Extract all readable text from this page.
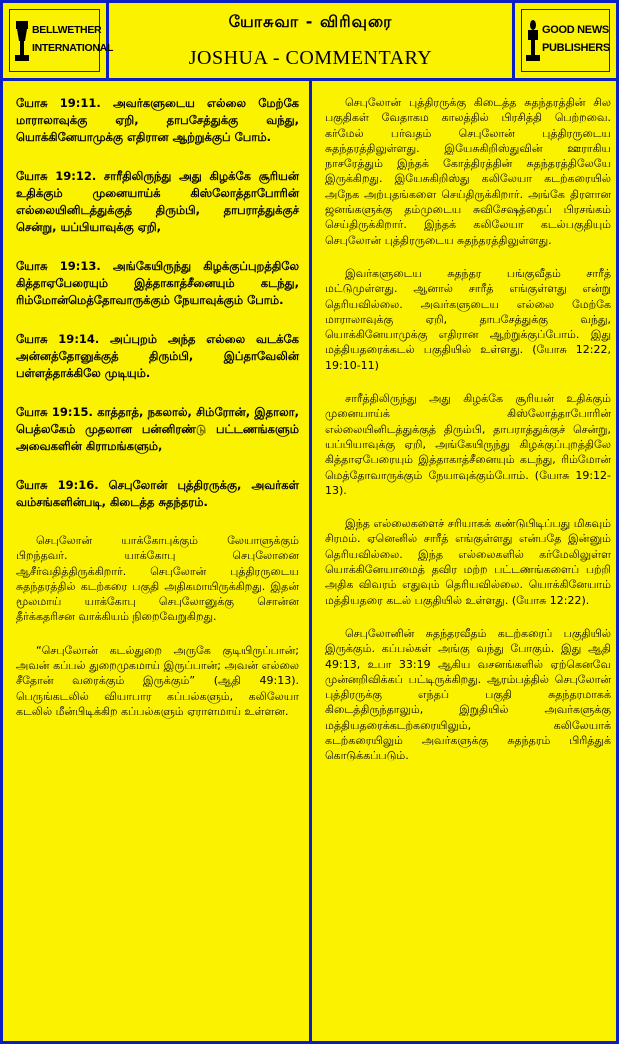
BELLWETHER
INTERNATIONAL
யோசுவா - விரிவுரை
JOSHUA - COMMENTARY
GOOD NEWS
PUBLISHERS

யோசு 19:11. அவர்களுடைய எல்லை மேற்கே மாராலாவுக்கு ஏறி, தாபசேத்துக்கு வந்து, யொக்கினேயாமுக்கு எதிரான ஆற்றுக்குப் போம்.

யோசு 19:12. சாரீதிலிருந்து அது கிழக்கே சூரியன் உதிக்கும் முனையாய்க் கிஸ்லோத்தாபோரின் எல்லையினிடத்துக்குத் திரும்பி, தாபராத்துக்குச் சென்று, யப்பியாவுக்கு ஏறி,

யோசு 19:13. அங்கேயிருந்து கிழக்குப்புறத்திலே கித்தாஏபேரையும் இத்தாகாத்சீனையும் கடந்து, ரிம்மோன்மெத்தோவாருக்கும் நேயாவுக்கும் போம்.

யோசு 19:14. அப்புறம் அந்த எல்லை வடக்கே அன்னத்தோனுக்குத் திரும்பி, இப்தாவேலின் பள்ளத்தாக்கிலே முடியும்.

யோசு 19:15. காத்தாத், நகலால், சிம்ரோன், இதாலா, பெத்லகேம் முதலான பன்னிரண்டு பட்டணங்களும் அவைகளின் கிராமங்களும்,

யோசு 19:16. செபுலோன் புத்திரருக்கு, அவர்கள் வம்சங்களின்படி, கிடைத்த சுதந்தரம்.

செபுலோன் யாக்கோபுக்கும் லேயாளுக்கும் பிறந்தவர். யாக்கோபு செபுலோனை ஆசீர்வதித்திருக்கிறார். செபுலோன் புத்திரருடைய சுதந்தரத்தில் கடற்கரை பகுதி அதிகமாயிருக்கிறது. இதன் மூலமாய் யாக்கோபு செபுலோனுக்கு சொன்ன தீர்க்கதரிசன வாக்கியம் நிறைவேறுகிறது.

“செபுலோன் கடல்துறை அருகே குடியிருப்பான்; அவன் கப்பல் துறைமுகமாய் இருப்பான்; அவன் எல்லை சீதோன் வரைக்கும் இருக்கும்” (ஆதி 49:13). பெருங்கடலில் வியாபார கப்பல்களும், கலிலேயா கடலில் மீன்பிடிக்கிற கப்பல்களும் ஏராளமாய் உள்ளன.

செபுலோன் புத்திரருக்கு கிடைத்த சுதந்தரத்தின் சில பகுதிகள் வேதாகம காலத்தில் பிரசித்தி பெற்றவை. கர்மேல் பர்வதம் செபுலோன் புத்திரருடைய சுதந்தரத்திலுள்ளது. இயேசுகிறிஸ்துவின் ஊராகிய நாசரேத்தும் இந்தக் கோத்திரத்தின் சுதந்தரத்திலேயே இருக்கிறது. இயேசுகிறிஸ்து கலிலேயா கடற்கரையில் அநேக அற்புதங்களை செய்திருக்கிறார். அங்கே திரளான ஜனங்களுக்கு தம்முடைய சுவிசேஷத்தைப் பிரசங்கம் செய்திருக்கிறார். இந்தக் கலிலேயா கடல்பகுதியும் செபுலோன் புத்திரருடைய சுதந்தரத்திலுள்ளது.

இவர்களுடைய சுதந்தர பங்குவீதம் சாரீத் மட்டுமுள்ளது. ஆனால் சாரீத் எங்குள்ளது என்று தெரியவில்லை. அவர்களுடைய எல்லை மேற்கே மாராலாவுக்கு ஏறி, தாபசேத்துக்கு வந்து, யொக்கினேயாமுக்கு எதிரான ஆற்றுக்குப்போம். இது மத்தியதரைக்கடல் பகுதியில் உள்ளது. (யோசு 12:22, 19:10-11)

சாரீத்திலிருந்து அது கிழக்கே சூரியன் உதிக்கும் முனையாய்க் கிஸ்லோத்தாபோரின் எல்லையினிடத்துக்குத் திரும்பி, தாபராத்துக்குச் சென்று, யப்பியாவுக்கு ஏறி, அங்கேயிருந்து கிழக்குப்புறத்திலே கித்தாஏபேரையும் இத்தாகாத்சீனையும் கடந்து, ரிம்மோன் மெத்தோவாருக்கும் நேயாவுக்கும்போம். (யோசு 19:12-13).

இந்த எல்லைகளைச் சரியாகக் கண்டுபிடிப்பது மிகவும் சிரமம். ஏனெனில் சாரீத் எங்குள்ளது என்பதே இன்னும் தெரியவில்லை. இந்த எல்லைகளில் கர்மேலிலுள்ள யொக்கினேயாமைத் தவிர மற்ற பட்டணங்களைப் பற்றி அதிக விவரம் எதுவும் தெரியவில்லை. யொக்கினேயாம் மத்தியதரை கடல் பகுதியில் உள்ளது. (யோசு 12:22).

செபுலோனின் சுதந்தரவீதம் கடற்கரைப் பகுதியில் இருக்கும். கப்பல்கள் அங்கு வந்து போகும். இது ஆதி 49:13, உபா 33:19 ஆகிய வசனங்களில் ஏற்கெனவே முன்னறிவிக்கப் பட்டிருக்கிறது. ஆரம்பத்தில் செபுலோன் புத்திரருக்கு எந்தப் பகுதி சுதந்தரமாகக் கிடைத்திருந்தாலும், இறுதியில் அவர்களுக்கு மத்தியதரைக்கடற்கரையிலும், கலிலேயாக் கடற்கரையிலும் அவர்களுக்கு சுதந்தரம் பிரித்துக் கொடுக்கப்படும்.
